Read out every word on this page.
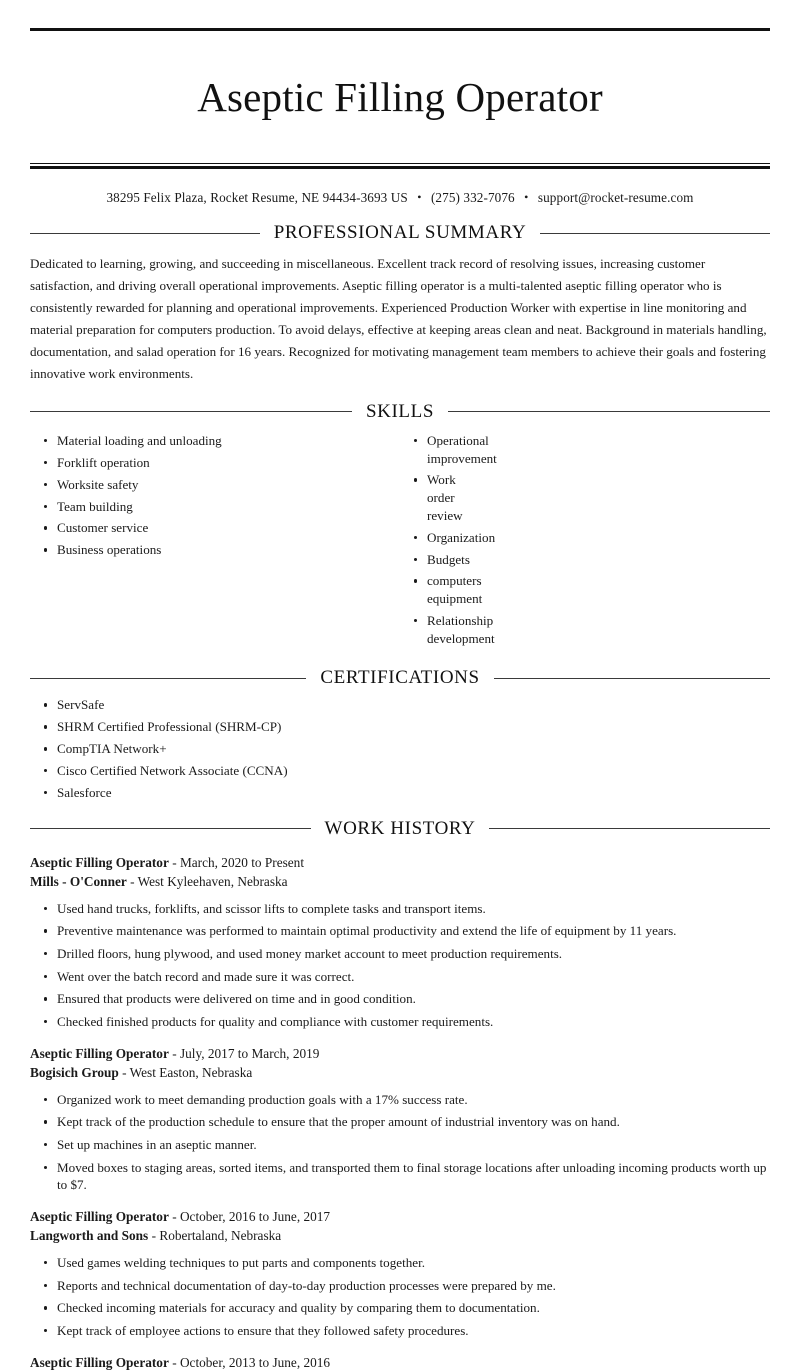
Aseptic Filling Operator
38295 Felix Plaza, Rocket Resume, NE 94434-3693 US • (275) 332-7076 • support@rocket-resume.com
PROFESSIONAL SUMMARY

Dedicated to learning, growing, and succeeding in miscellaneous. Excellent track record of resolving issues, increasing customer satisfaction, and driving overall operational improvements. Aseptic filling operator is a multi-talented aseptic filling operator who is consistently rewarded for planning and operational improvements. Experienced Production Worker with expertise in line monitoring and material preparation for computers production. To avoid delays, effective at keeping areas clean and neat. Background in materials handling, documentation, and salad operation for 16 years. Recognized for motivating management team members to achieve their goals and fostering innovative work environments.

SKILLS
Material loading and unloading
Forklift operation
Worksite safety
Team building
Customer service
Business operations
Operational improvement
Work order review
Organization
Budgets
computers equipment
Relationship development
CERTIFICATIONS
ServSafe
SHRM Certified Professional (SHRM-CP)
CompTIA Network+
Cisco Certified Network Associate (CCNA)
Salesforce
WORK HISTORY
Aseptic Filling Operator - March, 2020 to Present
Mills - O'Conner - West Kyleehaven, Nebraska
Used hand trucks, forklifts, and scissor lifts to complete tasks and transport items.
Preventive maintenance was performed to maintain optimal productivity and extend the life of equipment by 11 years.
Drilled floors, hung plywood, and used money market account to meet production requirements.
Went over the batch record and made sure it was correct.
Ensured that products were delivered on time and in good condition.
Checked finished products for quality and compliance with customer requirements.
Aseptic Filling Operator - July, 2017 to March, 2019
Bogisich Group - West Easton, Nebraska
Organized work to meet demanding production goals with a 17% success rate.
Kept track of the production schedule to ensure that the proper amount of industrial inventory was on hand.
Set up machines in an aseptic manner.
Moved boxes to staging areas, sorted items, and transported them to final storage locations after unloading incoming products worth up to $7.
Aseptic Filling Operator - October, 2016 to June, 2017
Langworth and Sons - Robertaland, Nebraska
Used games welding techniques to put parts and components together.
Reports and technical documentation of day-to-day production processes were prepared by me.
Checked incoming materials for accuracy and quality by comparing them to documentation.
Kept track of employee actions to ensure that they followed safety procedures.
Aseptic Filling Operator - October, 2013 to June, 2016
